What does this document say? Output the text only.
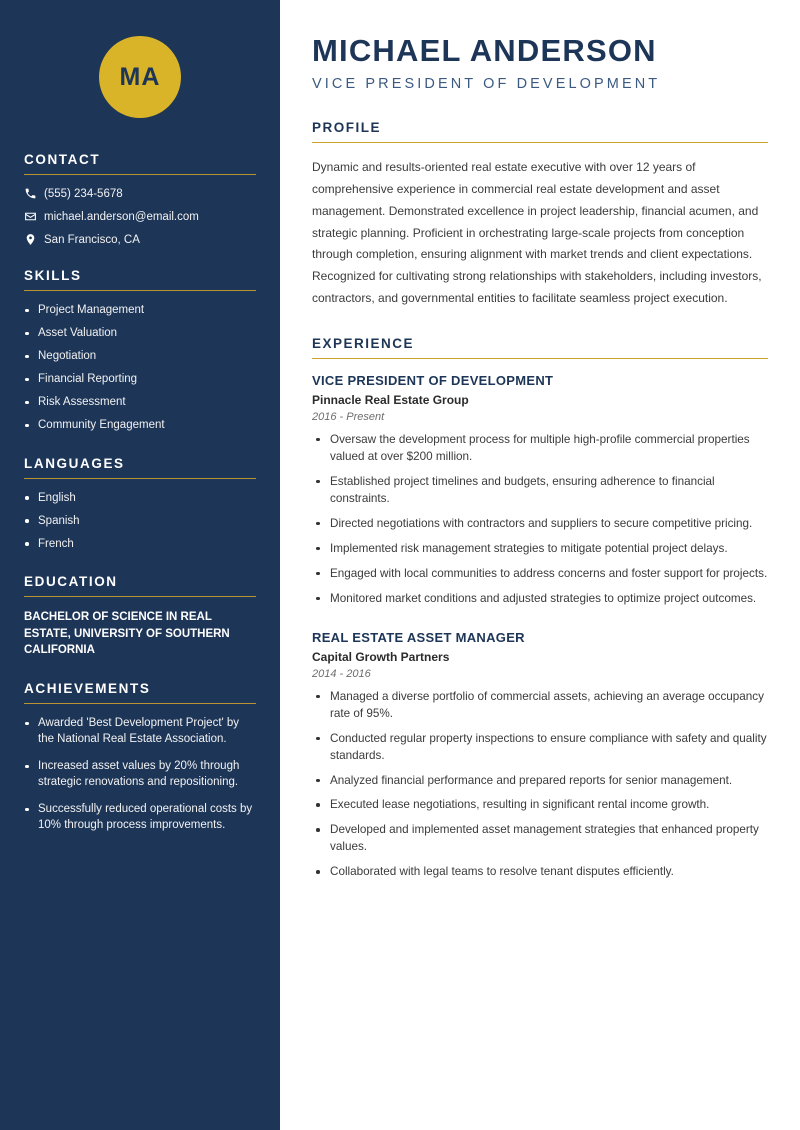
MA
CONTACT
(555) 234-5678
michael.anderson@email.com
San Francisco, CA
SKILLS
Project Management
Asset Valuation
Negotiation
Financial Reporting
Risk Assessment
Community Engagement
LANGUAGES
English
Spanish
French
EDUCATION
BACHELOR OF SCIENCE IN REAL ESTATE, UNIVERSITY OF SOUTHERN CALIFORNIA
ACHIEVEMENTS
Awarded 'Best Development Project' by the National Real Estate Association.
Increased asset values by 20% through strategic renovations and repositioning.
Successfully reduced operational costs by 10% through process improvements.
MICHAEL ANDERSON
VICE PRESIDENT OF DEVELOPMENT
PROFILE

Dynamic and results-oriented real estate executive with over 12 years of comprehensive experience in commercial real estate development and asset management. Demonstrated excellence in project leadership, financial acumen, and strategic planning. Proficient in orchestrating large-scale projects from conception through completion, ensuring alignment with market trends and client expectations. Recognized for cultivating strong relationships with stakeholders, including investors, contractors, and governmental entities to facilitate seamless project execution.

EXPERIENCE
VICE PRESIDENT OF DEVELOPMENT
Pinnacle Real Estate Group
2016 - Present
Oversaw the development process for multiple high-profile commercial properties valued at over $200 million.
Established project timelines and budgets, ensuring adherence to financial constraints.
Directed negotiations with contractors and suppliers to secure competitive pricing.
Implemented risk management strategies to mitigate potential project delays.
Engaged with local communities to address concerns and foster support for projects.
Monitored market conditions and adjusted strategies to optimize project outcomes.
REAL ESTATE ASSET MANAGER
Capital Growth Partners
2014 - 2016
Managed a diverse portfolio of commercial assets, achieving an average occupancy rate of 95%.
Conducted regular property inspections to ensure compliance with safety and quality standards.
Analyzed financial performance and prepared reports for senior management.
Executed lease negotiations, resulting in significant rental income growth.
Developed and implemented asset management strategies that enhanced property values.
Collaborated with legal teams to resolve tenant disputes efficiently.
